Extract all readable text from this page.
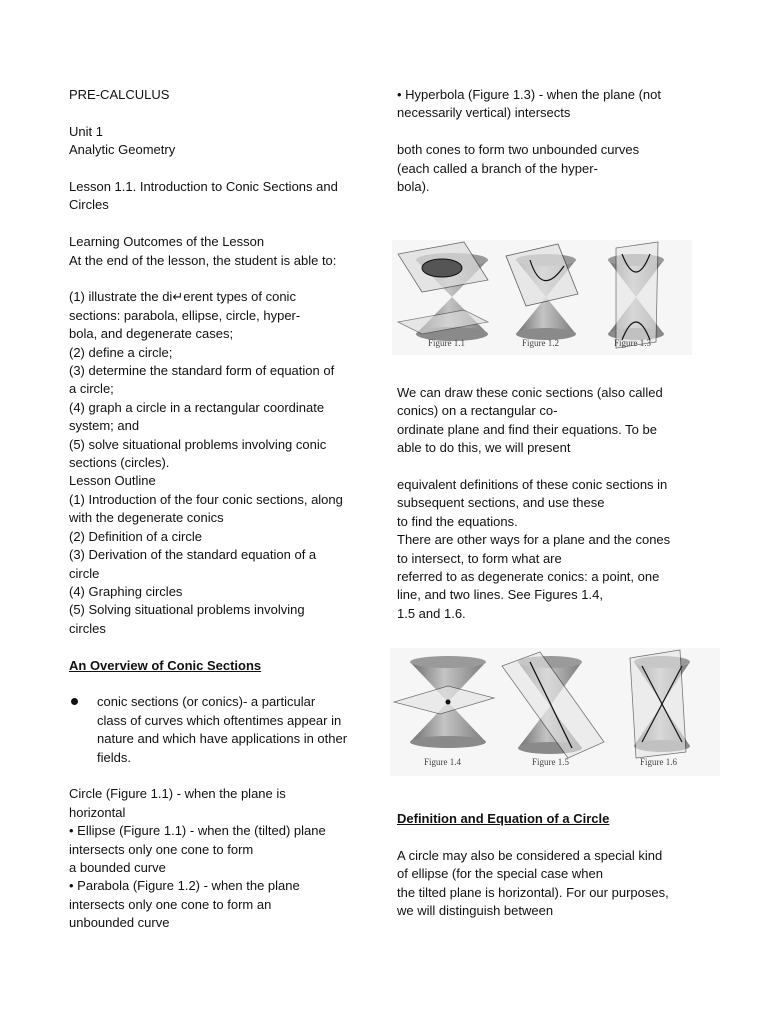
PRE-CALCULUS

Unit 1

Analytic Geometry

Lesson 1.1. Introduction to Conic Sections and

Circles

Learning Outcomes of the Lesson

At the end of the lesson, the student is able to:

(1) illustrate the di↵erent types of conic

sections: parabola, ellipse, circle, hyper-

bola, and degenerate cases;

(2) define a circle;

(3) determine the standard form of equation of

a circle;

(4) graph a circle in a rectangular coordinate

system; and

(5) solve situational problems involving conic

sections (circles).

Lesson Outline

(1) Introduction of the four conic sections, along

with the degenerate conics

(2) Definition of a circle

(3) Derivation of the standard equation of a

circle

(4) Graphing circles

(5) Solving situational problems involving

circles

An Overview of Conic Sections

conic sections (or conics)- a particular

class of curves which oftentimes appear in

nature and which have applications in other

fields.

Circle (Figure 1.1) - when the plane is

horizontal

• Ellipse (Figure 1.1) - when the (tilted) plane

intersects only one cone to form

a bounded curve

• Parabola (Figure 1.2) - when the plane

intersects only one cone to form an

unbounded curve

• Hyperbola (Figure 1.3) - when the plane (not

necessarily vertical) intersects

both cones to form two unbounded curves

(each called a branch of the hyper-

bola).

Figure 1.1	Figure 1.2	Figure 1.3

We can draw these conic sections (also called

conics) on a rectangular co-

ordinate plane and find their equations. To be

able to do this, we will present

equivalent definitions of these conic sections in

subsequent sections, and use these

to find the equations.

There are other ways for a plane and the cones

to intersect, to form what are

referred to as degenerate conics: a point, one

line, and two lines. See Figures 1.4,

1.5 and 1.6.

Figure 1.4	Figure 1.5	Figure 1.6

Definition and Equation of a Circle

A circle may also be considered a special kind

of ellipse (for the special case when

the tilted plane is horizontal). For our purposes,

we will distinguish between
